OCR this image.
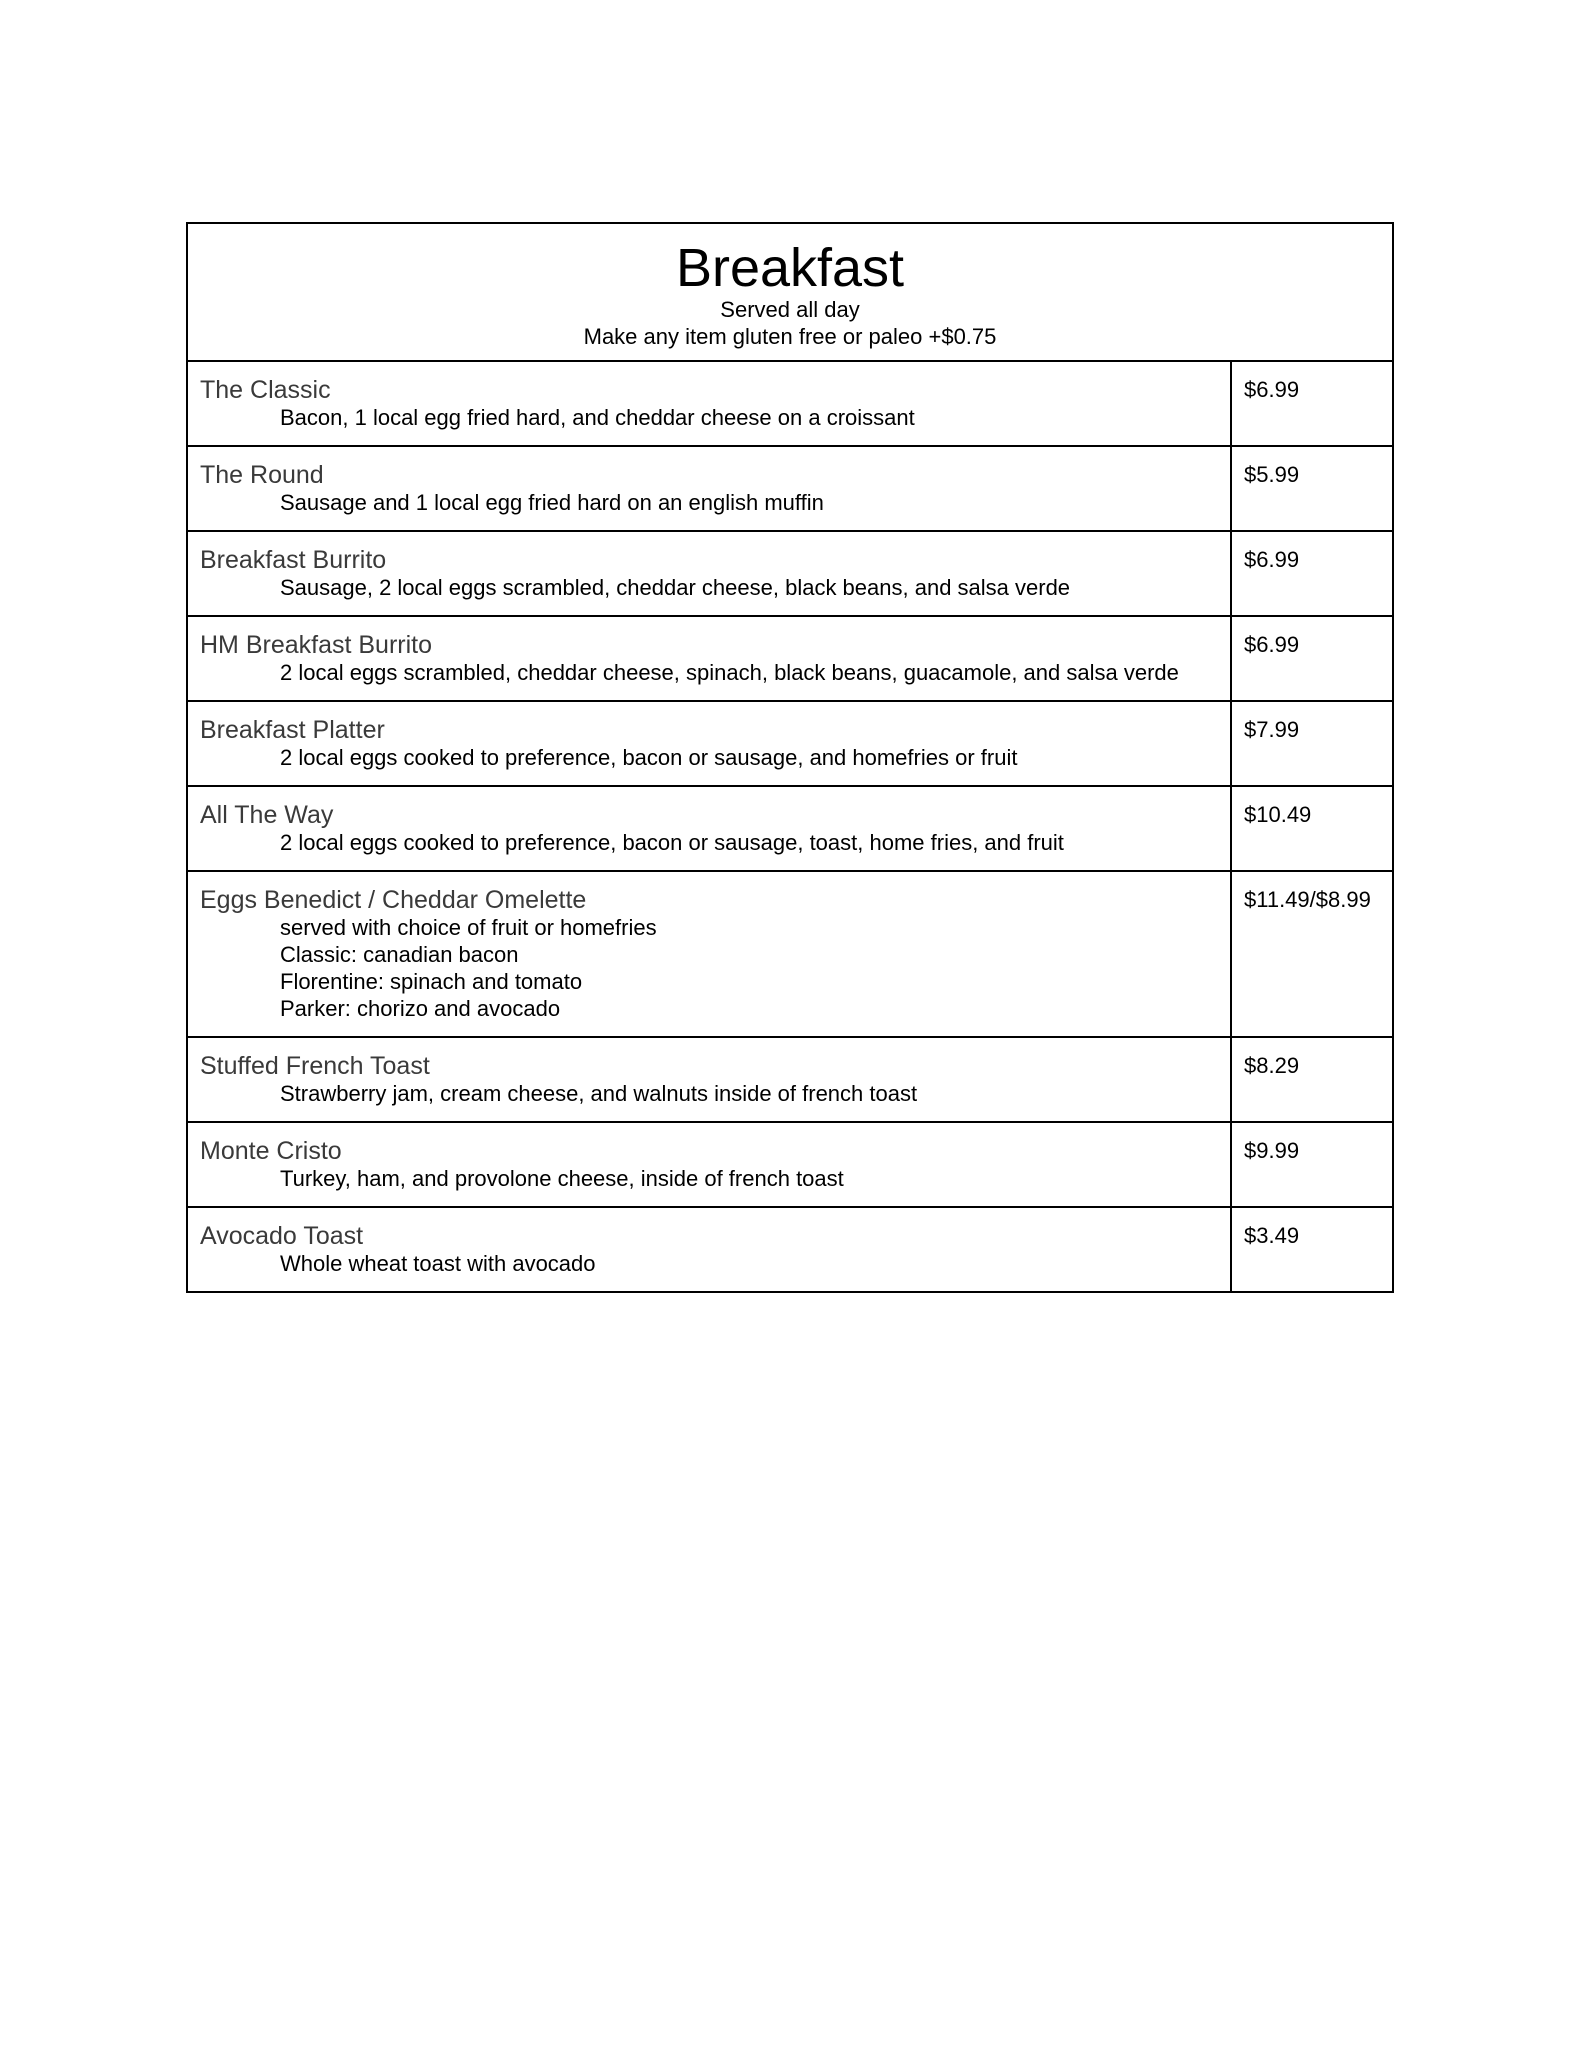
Breakfast
Served all day
Make any item gluten free or paleo +$0.75	

The Classic
Bacon, 1 local egg fried hard, and cheddar cheese on a croissant	$6.99

The Round
Sausage and 1 local egg fried hard on an english muffin	$5.99

Breakfast Burrito
Sausage, 2 local eggs scrambled, cheddar cheese, black beans, and salsa verde	$6.99

HM Breakfast Burrito
2 local eggs scrambled, cheddar cheese, spinach, black beans, guacamole, and salsa verde	$6.99

Breakfast Platter
2 local eggs cooked to preference, bacon or sausage, and homefries or fruit	$7.99

All The Way
2 local eggs cooked to preference, bacon or sausage, toast, home fries, and fruit	$10.49

Eggs Benedict / Cheddar Omelette
served with choice of fruit or homefries
Classic: canadian bacon
Florentine: spinach and tomato
Parker: chorizo and avocado	$11.49/$8.99

Stuffed French Toast
Strawberry jam, cream cheese, and walnuts inside of french toast	$8.29

Monte Cristo
Turkey, ham, and provolone cheese, inside of french toast	$9.99

Avocado Toast
Whole wheat toast with avocado	$3.49
